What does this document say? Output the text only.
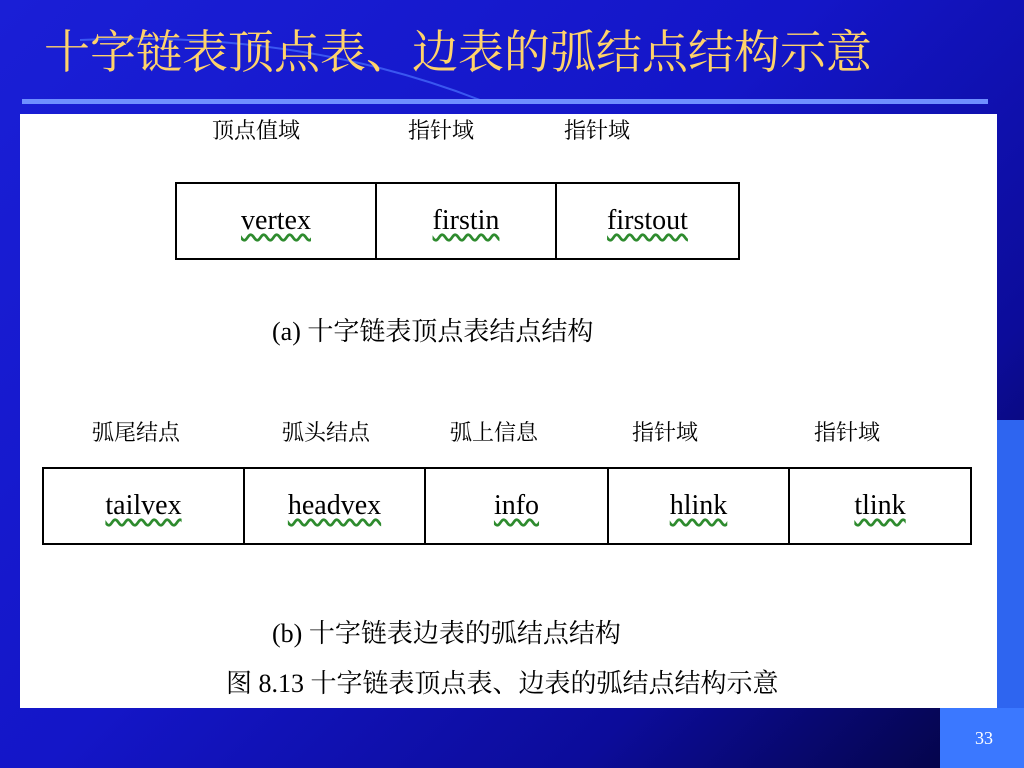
十字链表顶点表、边表的弧结点结构示意
顶点值域	指针域	指针域
vertex	firstin	firstout
(a) 十字链表顶点表结点结构
弧尾结点	弧头结点	弧上信息	指针域	指针域
tailvex	headvex	info	hlink	tlink
(b) 十字链表边表的弧结点结构
图 8.13 十字链表顶点表、边表的弧结点结构示意
33
